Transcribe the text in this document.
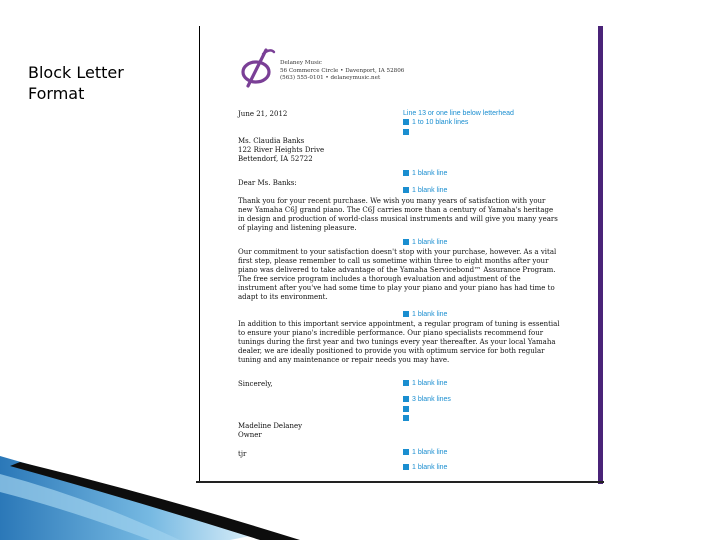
Block Letter
Format
Delaney Music
56 Commerce Circle • Davenport, IA 52806
(563) 555-0101 • delaneymusic.net
June 21, 2012	Line 13 or one line below letterhead
1 to 10 blank lines
Ms. Claudia Banks
122 River Heights Drive
Bettendorf, IA 52722
1 blank line
Dear Ms. Banks:
1 blank line
Thank you for your recent purchase. We wish you many years of satisfaction with your
new Yamaha C6J grand piano. The C6J carries more than a century of Yamaha's heritage
in design and production of world-class musical instruments and will give you many years
of playing and listening pleasure.
1 blank line
Our commitment to your satisfaction doesn't stop with your purchase, however. As a vital
first step, please remember to call us sometime within three to eight months after your
piano was delivered to take advantage of the Yamaha Servicebond™ Assurance Program.
The free service program includes a thorough evaluation and adjustment of the
instrument after you've had some time to play your piano and your piano has had time to
adapt to its environment.
1 blank line
In addition to this important service appointment, a regular program of tuning is essential
to ensure your piano's incredible performance. Our piano specialists recommend four
tunings during the first year and two tunings every year thereafter. As your local Yamaha
dealer, we are ideally positioned to provide you with optimum service for both regular
tuning and any maintenance or repair needs you may have.
Sincerely,	1 blank line
3 blank lines
Madeline Delaney
Owner
1 blank line
tjr
1 blank line
